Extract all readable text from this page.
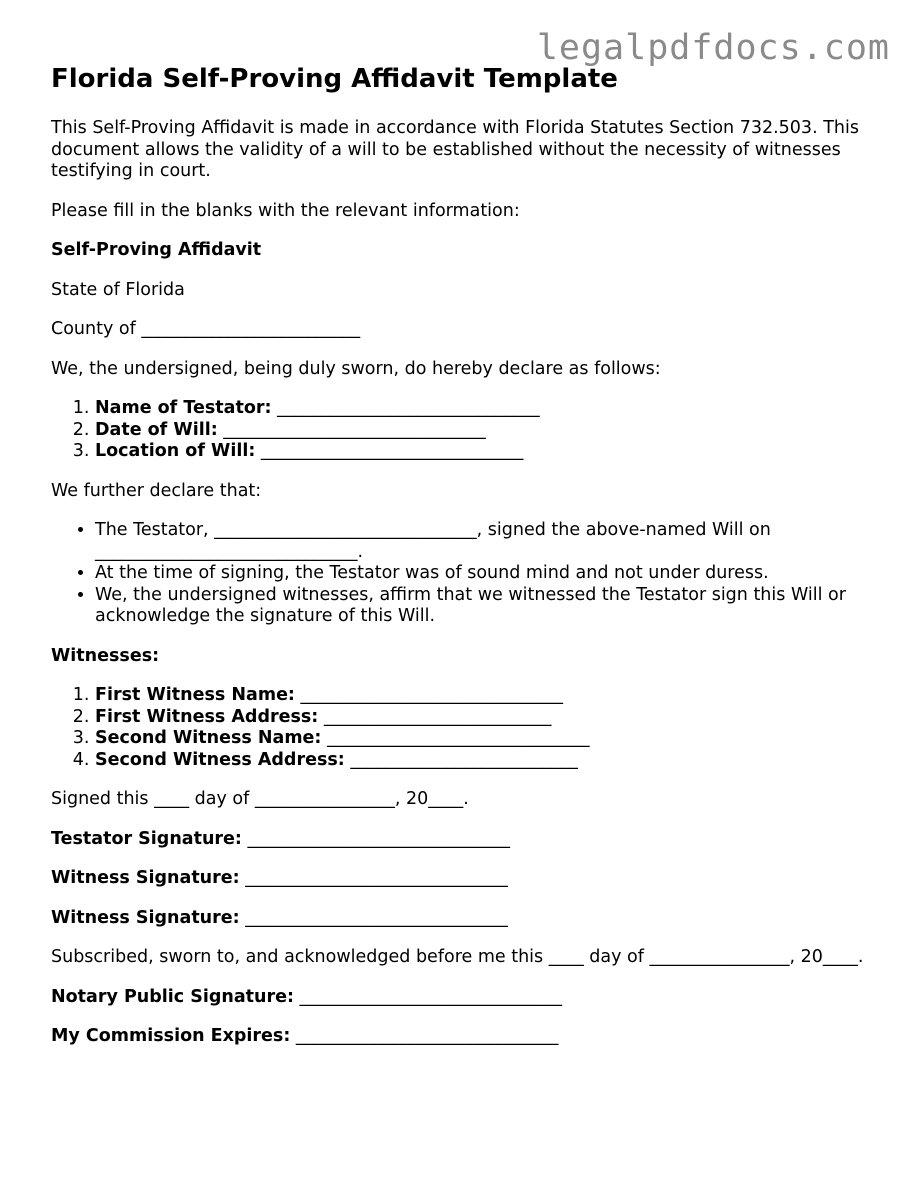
legalpdfdocs.com
Florida Self-Proving Affidavit Template

This Self-Proving Affidavit is made in accordance with Florida Statutes Section 732.503. This document allows the validity of a will to be established without the necessity of witnesses testifying in court.

Please fill in the blanks with the relevant information:

Self-Proving Affidavit

State of Florida

County of _________________________

We, the undersigned, being duly sworn, do hereby declare as follows:

1. Name of Testator: ______________________________
2. Date of Will: ______________________________
3. Location of Will: ______________________________

We further declare that:

• The Testator, ______________________________, signed the above-named Will on ______________________________.
• At the time of signing, the Testator was of sound mind and not under duress.
• We, the undersigned witnesses, affirm that we witnessed the Testator sign this Will or acknowledge the signature of this Will.

Witnesses:

1. First Witness Name: ______________________________
2. First Witness Address: __________________________
3. Second Witness Name: ______________________________
4. Second Witness Address: __________________________

Signed this ____ day of ________________, 20____.

Testator Signature: ______________________________

Witness Signature: ______________________________

Witness Signature: ______________________________

Subscribed, sworn to, and acknowledged before me this ____ day of ________________, 20____.

Notary Public Signature: ______________________________

My Commission Expires: ______________________________
